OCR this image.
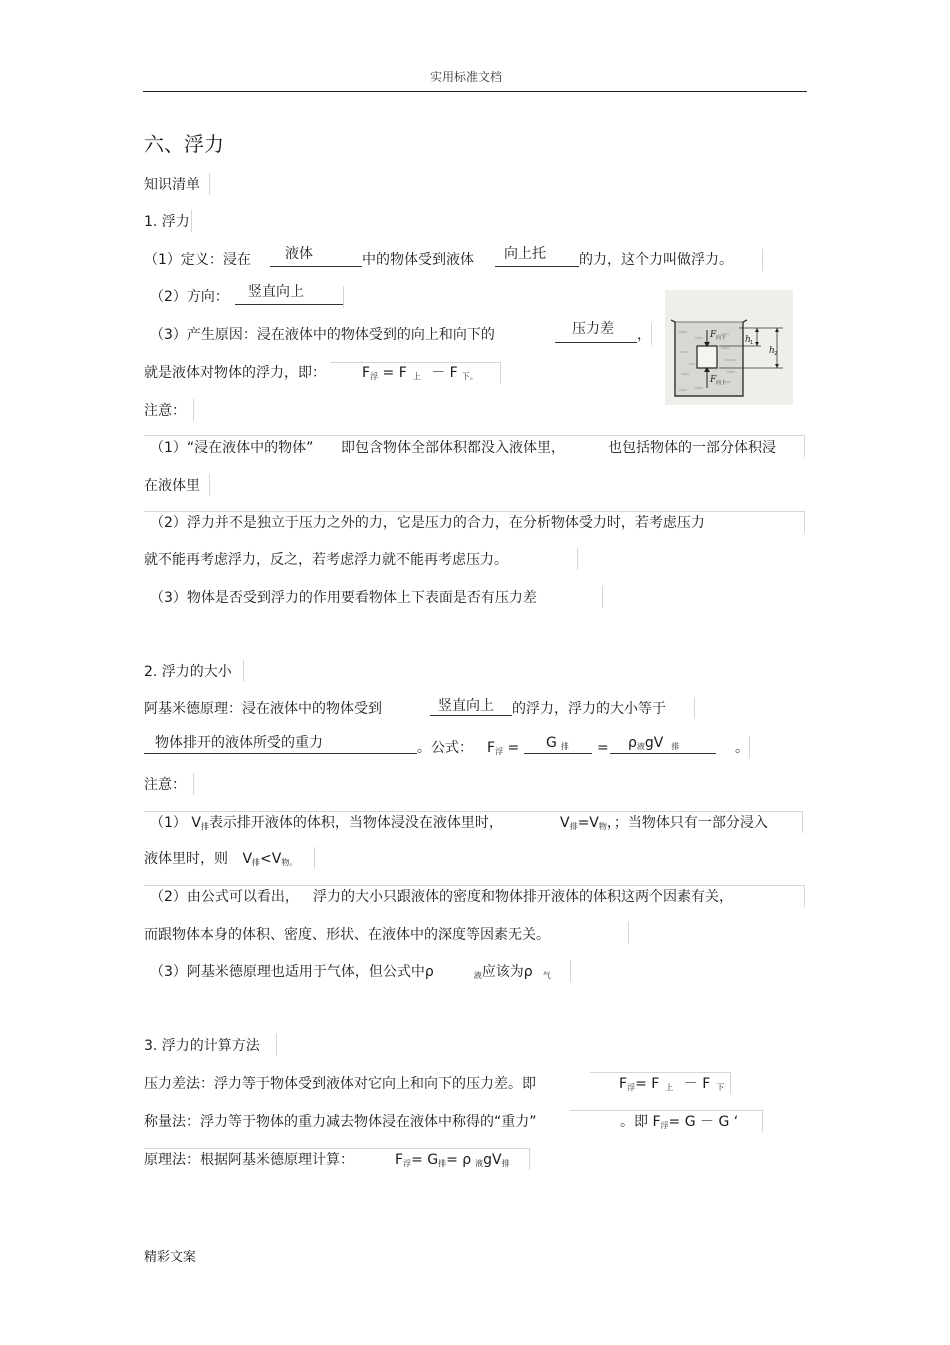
实用标准文档
六、浮力
知识清单
1. 浮力
（1）定义：浸在 液体	中的物体受到液体 向上托 的力，这个力叫做浮力。
（2）方向： 竖直向上
（3）产生原因：浸在液体中的物体受到的向上和向下的	压力差 ，
就是液体对物体的浮力，即：	$F_浮 = F$ $_上$ － F $_{下。}$
F 向下
F 向上
h 1
h 2
注意：
（1）“浸在液体中的物体” 即包含物体全部体积都没入液体里，	也包括物体的一部分体积浸
在液体里
（2）浮力并不是独立于压力之外的力，它是压力的合力，在分析物体受力时，若考虑压力
就不能再考虑浮力，反之，若考虑浮力就不能再考虑压力。
（3）物体是否受到浮力的作用要看物体上下表面是否有压力差
2. 浮力的大小
阿基米德原理：浸在液体中的物体受到	竖直向上 的浮力，浮力的大小等于
物体排开的液体所受的重力	。公式： $F_浮 = G$ $_排 = \rho_液gV$ $_排$	。
注意：
（1） $V_排$表示排开液体的体积，当物体浸没在液体里时，	$V_排=V_物$，；当物体只有一部分浸入
液体里时，则 $V_排<V_{物。}$
（2）由公式可以看出， 浮力的大小只跟液体的密度和物体排开液体的体积这两个因素有关，
而跟物体本身的体积、密度、形状、在液体中的深度等因素无关。
（3）阿基米德原理也适用于气体，但公式中ρ	$_液$应该为ρ $_气$
3. 浮力的计算方法
压力差法：浮力等于物体受到液体对它向上和向下的压力差。即	$F_浮= F$ $_上$ － F $_下$
称量法：浮力等于物体的重力减去物体浸在液体中称得的“重力”	。即 $F_浮= G - G$ ‘
原理法：根据阿基米德原理计算：	$F_浮= G_排= \rho$ $_液gV_排$
精彩文案
